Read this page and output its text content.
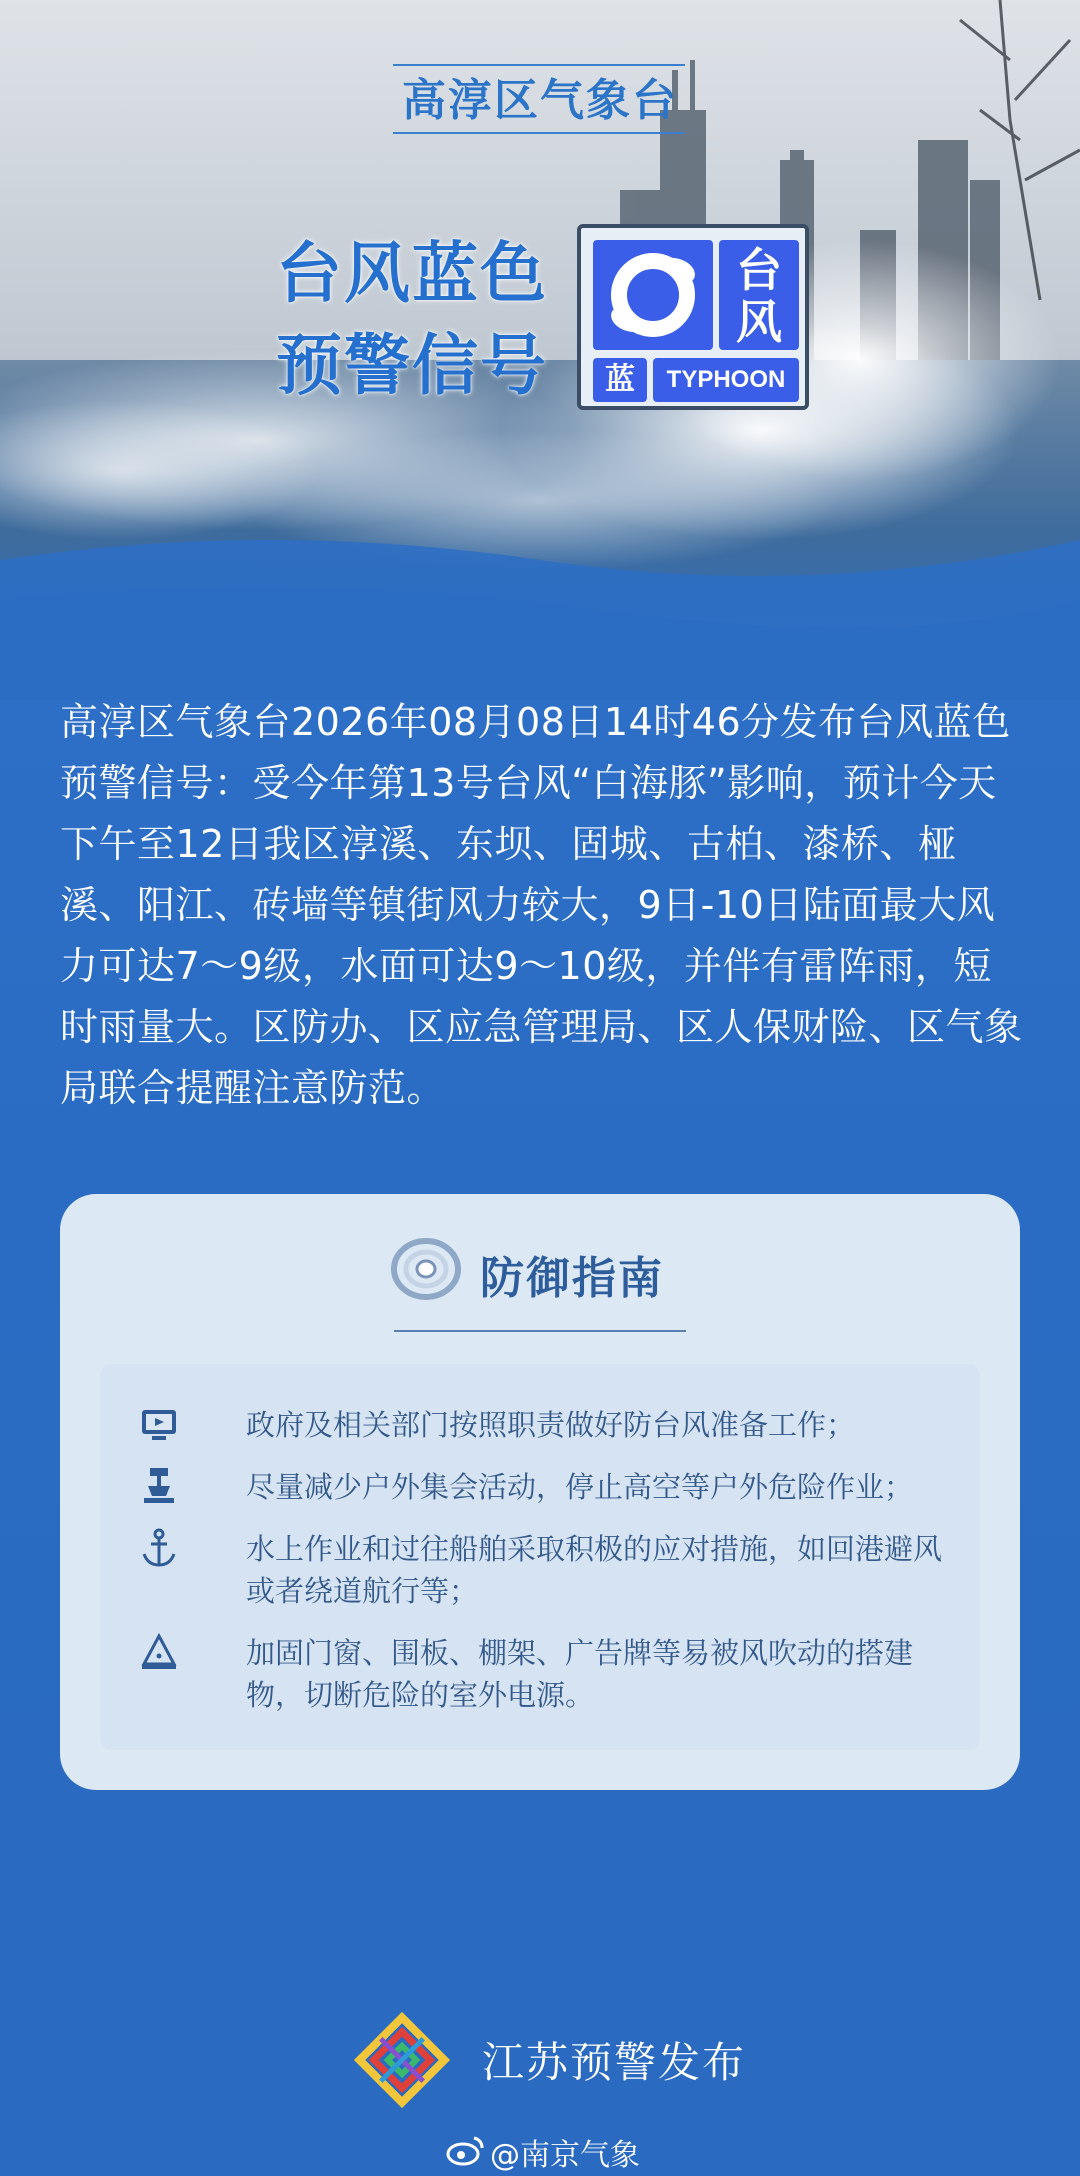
高淳区气象台
台风蓝色
预警信号
台
风
蓝	TYPHOON
高淳区气象台2026年08月08日14时46分发布台风蓝色预警信号：受今年第13号台风“白海豚”影响，预计今天下午至12日我区淳溪、东坝、固城、古柏、漆桥、桠溪、阳江、砖墙等镇街风力较大，9日-10日陆面最大风力可达7～9级，水面可达9～10级，并伴有雷阵雨，短时雨量大。区防办、区应急管理局、区人保财险、区气象局联合提醒注意防范。
防御指南
政府及相关部门按照职责做好防台风准备工作；
尽量减少户外集会活动，停止高空等户外危险作业；
水上作业和过往船舶采取积极的应对措施，如回港避风或者绕道航行等；
加固门窗、围板、棚架、广告牌等易被风吹动的搭建物，切断危险的室外电源。
江苏预警发布
@南京气象
